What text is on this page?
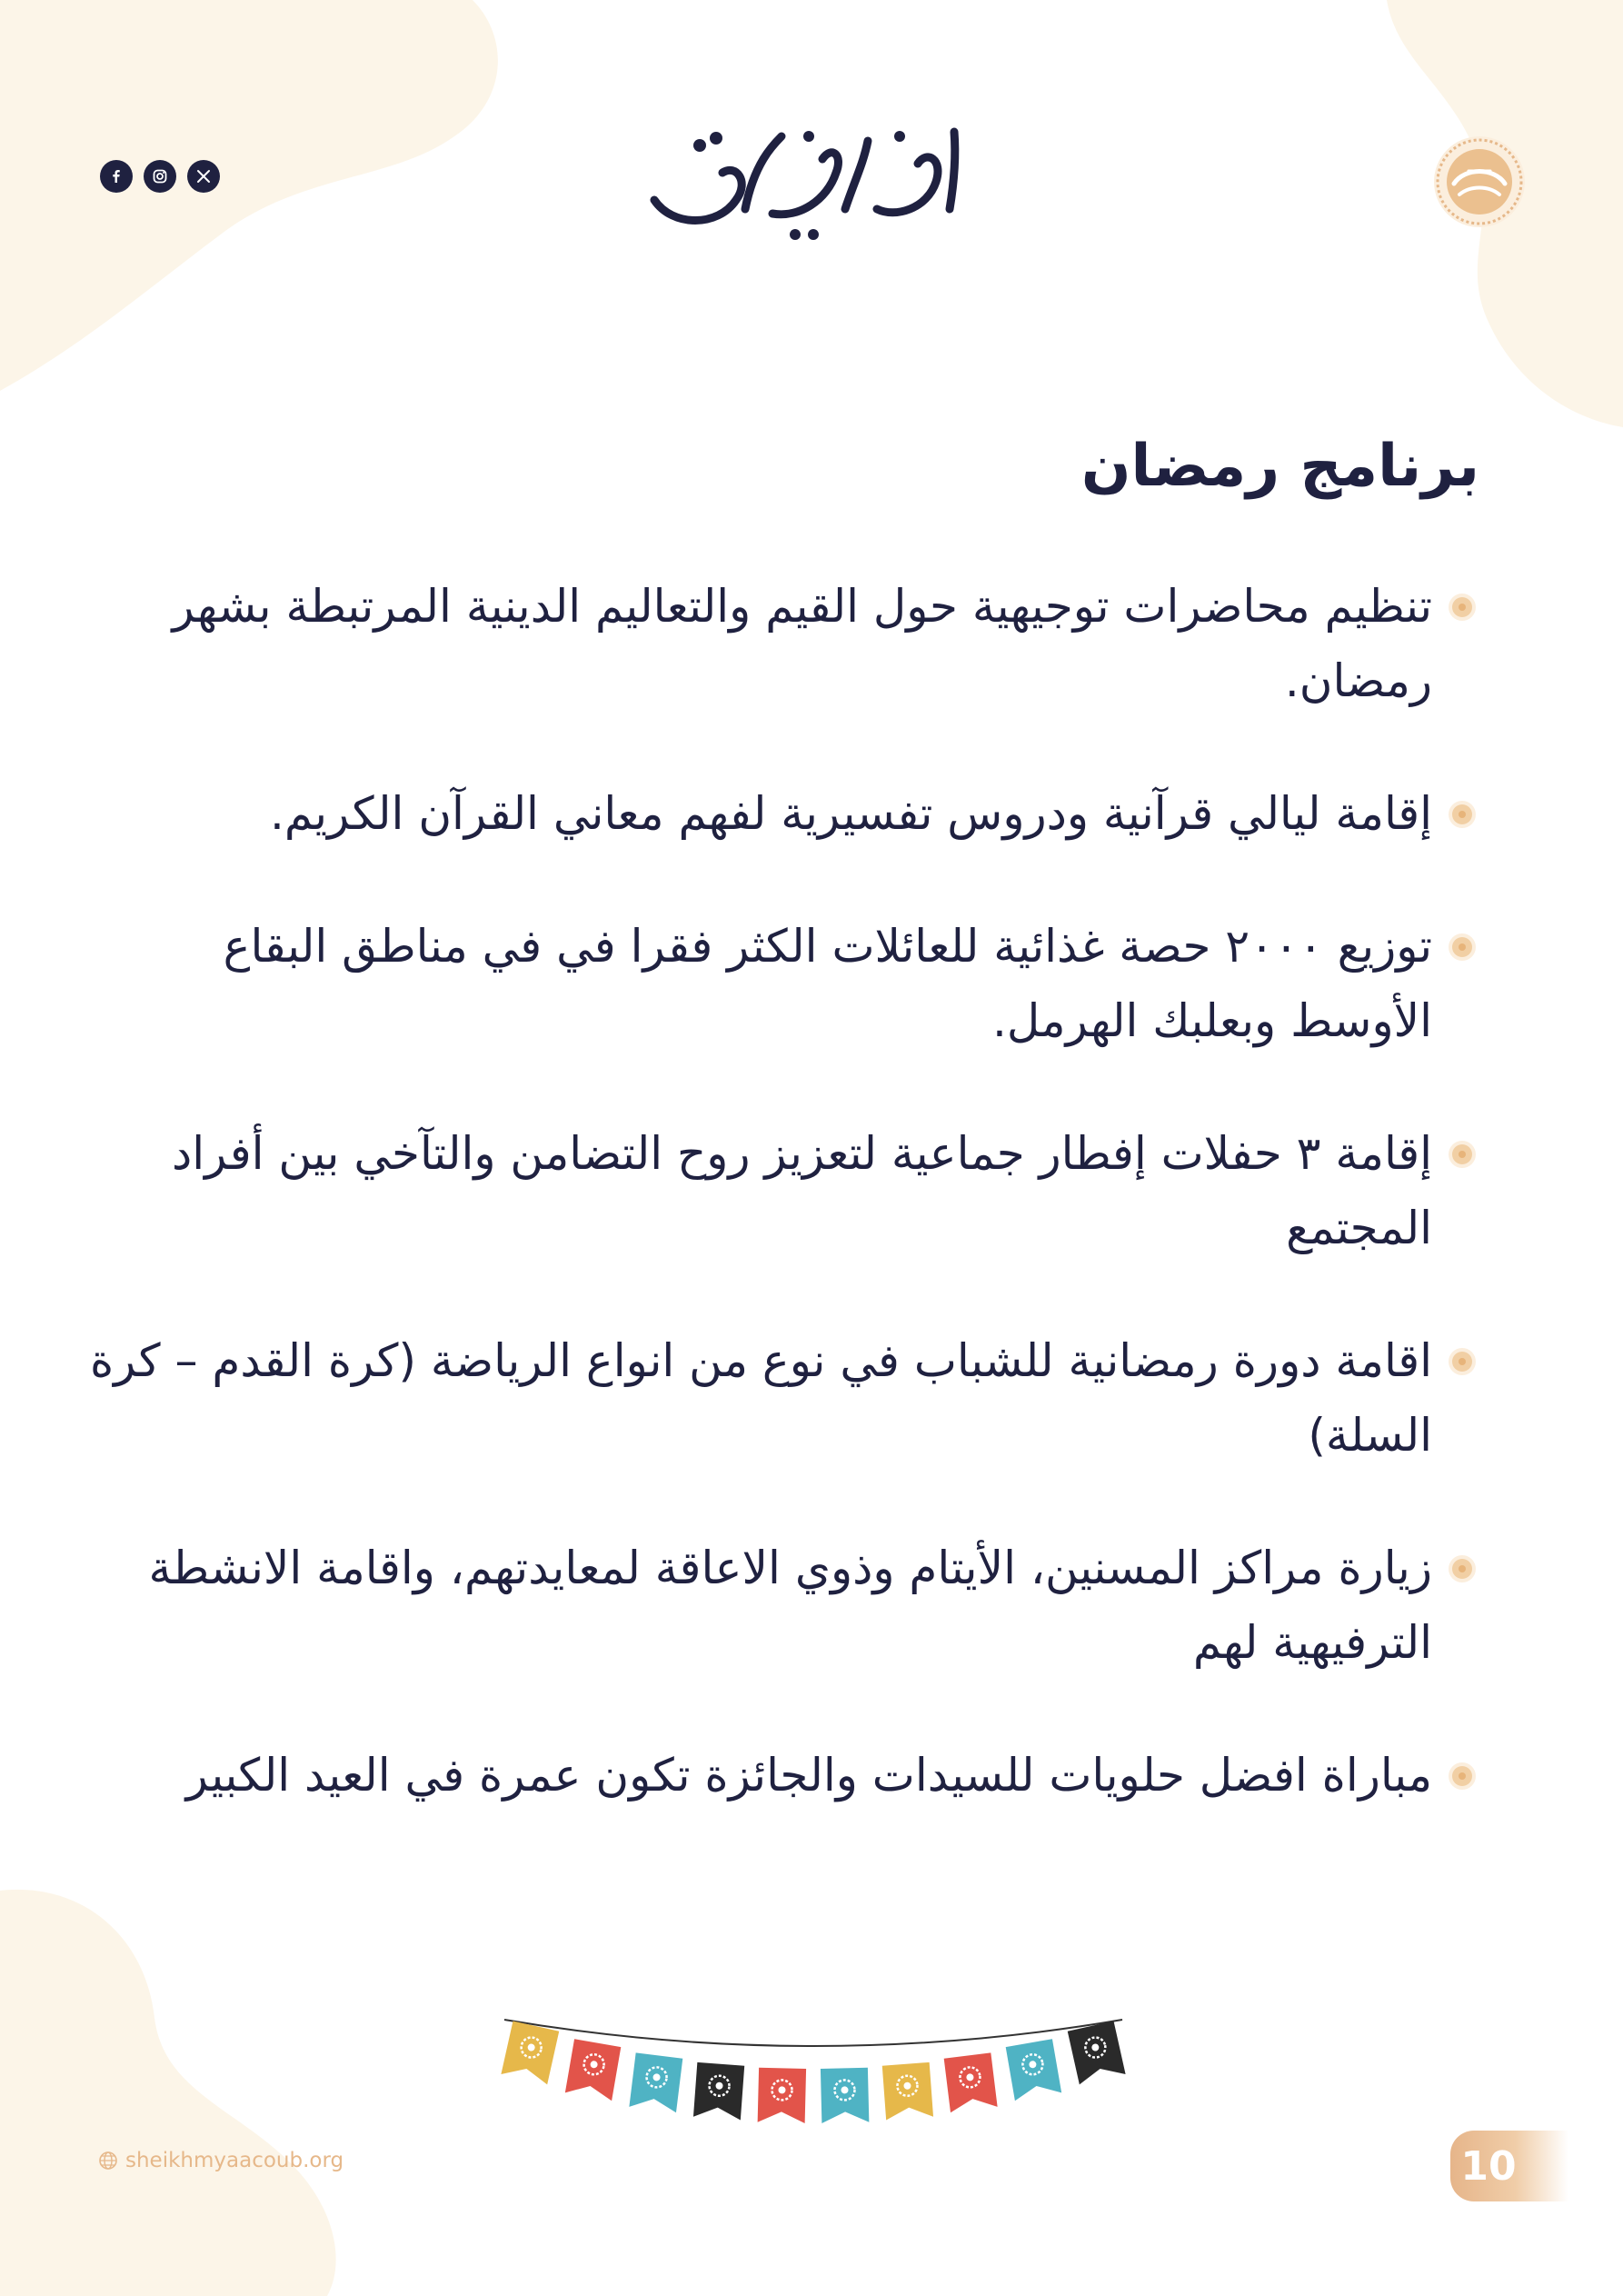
برنامج رمضان
تنظيم محاضرات توجيهية حول القيم والتعاليم الدينية المرتبطة بشهر رمضان.
إقامة ليالي قرآنية ودروس تفسيرية لفهم معاني القرآن الكريم.
توزيع ٢٠٠٠ حصة غذائية للعائلات الكثر فقرا في في مناطق البقاع الأوسط وبعلبك الهرمل.
إقامة ٣ حفلات إفطار جماعية لتعزيز روح التضامن والتآخي بين أفراد المجتمع
اقامة دورة رمضانية للشباب في نوع من انواع الرياضة (كرة القدم – كرة السلة)
زيارة مراكز المسنين، الأيتام وذوي الاعاقة لمعايدتهم، واقامة الانشطة الترفيهية لهم
مباراة افضل حلويات للسيدات والجائزة تكون عمرة في العيد الكبير
sheikhmyaacoub.org	10
